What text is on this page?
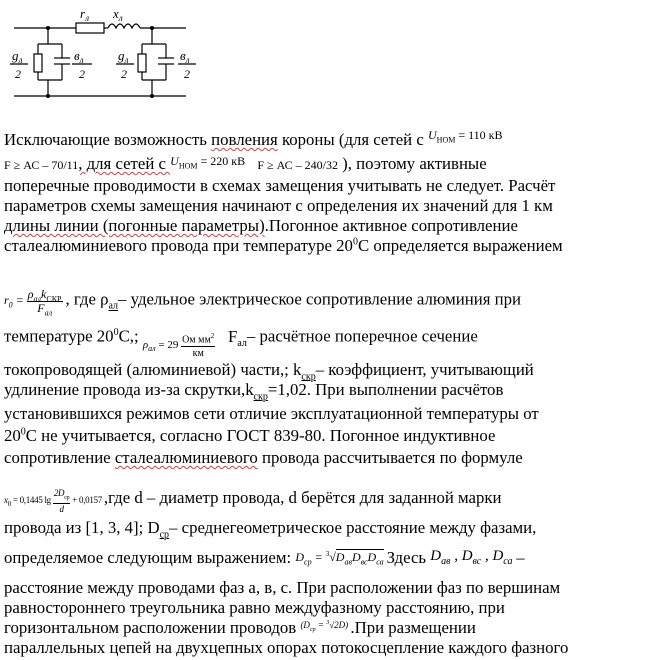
$r_л$ $x_л$
$g_л$
2
$в_л$
2
$g_л$
2
$в_л$
2
Исключающие возможность повления короны (для сетей с $^{U_{НОМ} = 110 кВ}$
F ≥ АС – 70/11, для сетей с $^{U_{НОМ} = 220 кВ}$ F ≥ АС – 240/32 ), поэтому активные
поперечные проводимости в схемах замещения учитывать не следует. Расчёт
параметров схемы замещения начинают с определения их значений для 1 км
длины линии (погонные параметры).Погонное активное сопротивление
сталеалюминиевого провода при температуре $20^0С$ определяется выражением
$r_0 = \frac{\rho_{ал}k_{СКР}}{F_{ал}}$ , где $\rho_{ал}-$ удельное электрическое сопротивление алюминия при
температуре $20^0С$,; $_{\rho_{ал} = 29 \frac{Ом мм^2}{км}}$ $F_{ал}-$ расчётное поперечное сечение
токопроводящей (алюминиевой) части,; $k_{скр}-$ коэффициент, учитывающий
удлинение провода из-за $скрутки,k_{скр}=1,02$. При выполнении расчётов
установившихся режимов сети отличие эксплуатационной температуры от
$20^0С$ не учитывается, согласно ГОСТ 839-80. Погонное индуктивное
сопротивление сталеалюминиевого провода рассчитывается по формуле
$x_0 = 0,1445$ $\lg \frac{2D_{ср}}{d} + 0,0157$ ,где d – диаметр провода, d берётся для заданной марки
провода из [1, 3, 4]; $D_{ср}-$ среднегеометрическое расстояние между фазами,
определяемое следующим выражением: $D_{ср} = ^3√D_{ав}D_{вс}D_{са}$ Здесь $D_{ав}$ , $D_{вс}$ , $D_{са}$ –
расстояние между проводами фаз а, в, с. При расположении фаз по вершинам
равностороннего треугольника равно междуфазному расстоянию, при
горизонтальном расположении проводов $^{(D_{ср} = ^3√2D)}$ .При размещении
параллельных цепей на двухцепных опорах потокосцепление каждого фазного
